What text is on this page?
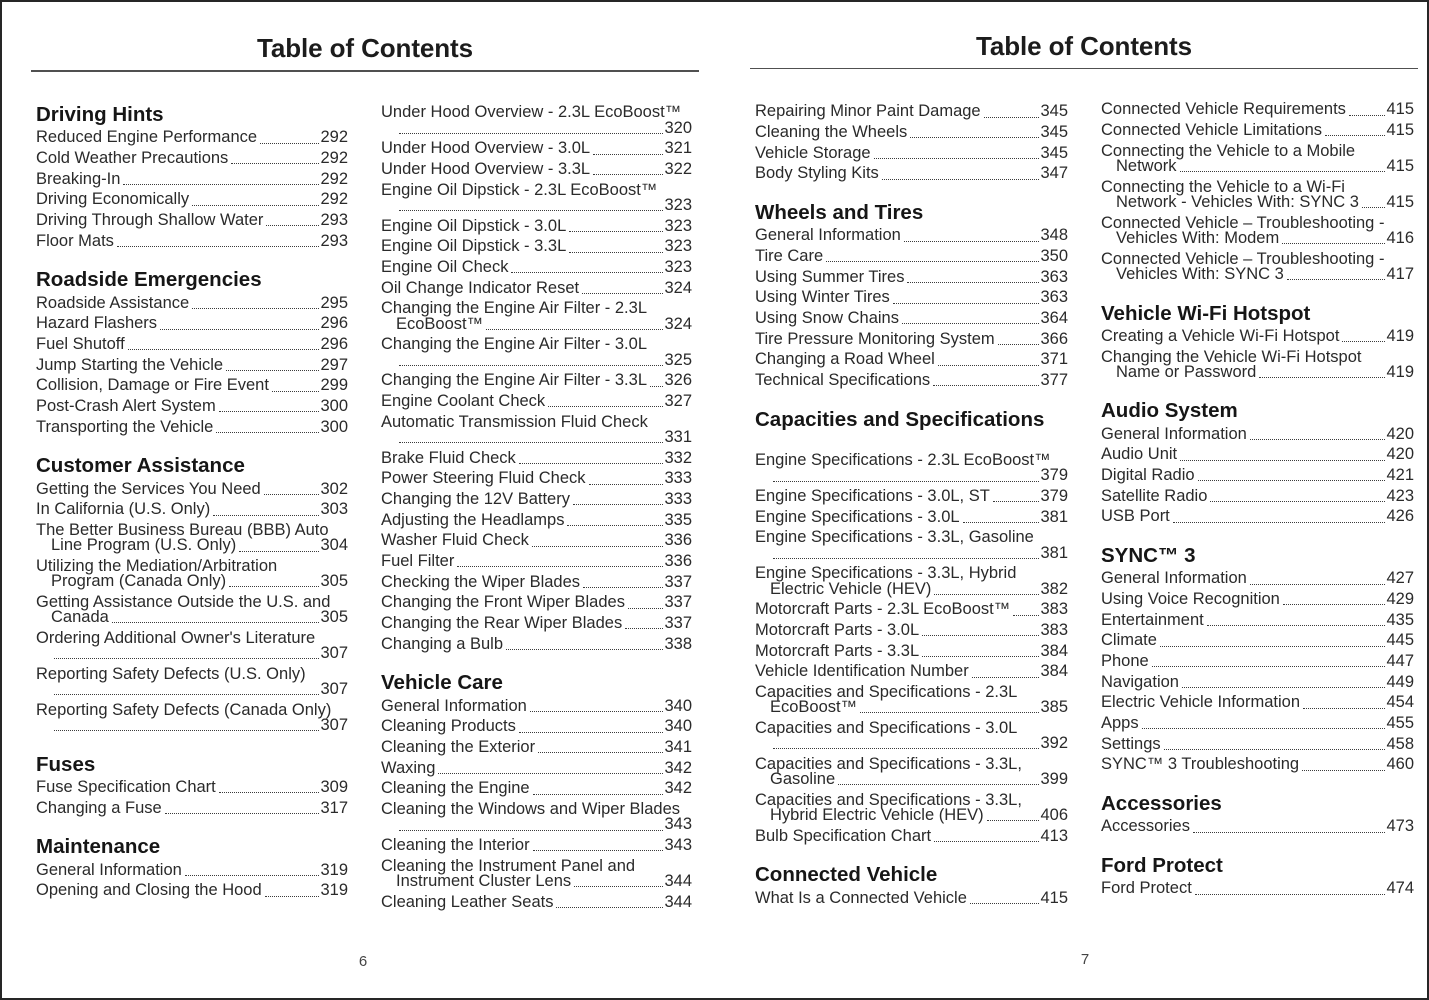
Table of Contents
Driving Hints
Reduced Engine Performance	292
Cold Weather Precautions	292
Breaking-In	292
Driving Economically	292
Driving Through Shallow Water	293
Floor Mats	293
Roadside Emergencies
Roadside Assistance	295
Hazard Flashers	296
Fuel Shutoff	296
Jump Starting the Vehicle	297
Collision, Damage or Fire Event	299
Post-Crash Alert System	300
Transporting the Vehicle	300
Customer Assistance
Getting the Services You Need	302
In California (U.S. Only)	303
The Better Business Bureau (BBB) Auto
Line Program (U.S. Only)	304
Utilizing the Mediation/Arbitration
Program (Canada Only)	305
Getting Assistance Outside the U.S. and
Canada	305
Ordering Additional Owner's Literature
307
Reporting Safety Defects (U.S. Only)
307
Reporting Safety Defects (Canada Only)
307
Fuses
Fuse Specification Chart	309
Changing a Fuse	317
Maintenance
General Information	319
Opening and Closing the Hood	319
Under Hood Overview - 2.3L EcoBoost™
320
Under Hood Overview - 3.0L	321
Under Hood Overview - 3.3L	322
Engine Oil Dipstick - 2.3L EcoBoost™
323
Engine Oil Dipstick - 3.0L	323
Engine Oil Dipstick - 3.3L	323
Engine Oil Check	323
Oil Change Indicator Reset	324
Changing the Engine Air Filter - 2.3L
EcoBoost™	324
Changing the Engine Air Filter - 3.0L
325
Changing the Engine Air Filter - 3.3L 326
Engine Coolant Check	327
Automatic Transmission Fluid Check
331
Brake Fluid Check	332
Power Steering Fluid Check	333
Changing the 12V Battery	333
Adjusting the Headlamps	335
Washer Fluid Check	336
Fuel Filter	336
Checking the Wiper Blades	337
Changing the Front Wiper Blades 337
Changing the Rear Wiper Blades	337
Changing a Bulb	338
Vehicle Care
General Information	340
Cleaning Products	340
Cleaning the Exterior	341
Waxing	342
Cleaning the Engine	342
Cleaning the Windows and Wiper Blades
343
Cleaning the Interior	343
Cleaning the Instrument Panel and
Instrument Cluster Lens	344
Cleaning Leather Seats	344
6
Table of Contents
Repairing Minor Paint Damage	345
Cleaning the Wheels	345
Vehicle Storage	345
Body Styling Kits	347
Wheels and Tires
General Information	348
Tire Care	350
Using Summer Tires	363
Using Winter Tires	363
Using Snow Chains	364
Tire Pressure Monitoring System	366
Changing a Road Wheel	371
Technical Specifications	377
Capacities and Specifications
Engine Specifications - 2.3L EcoBoost™
379
Engine Specifications - 3.0L, ST	379
Engine Specifications - 3.0L	381
Engine Specifications - 3.3L, Gasoline
381
Engine Specifications - 3.3L, Hybrid
Electric Vehicle (HEV)	382
Motorcraft Parts - 2.3L EcoBoost™ 383
Motorcraft Parts - 3.0L	383
Motorcraft Parts - 3.3L	384
Vehicle Identification Number	384
Capacities and Specifications - 2.3L
EcoBoost™	385
Capacities and Specifications - 3.0L
392
Capacities and Specifications - 3.3L,
Gasoline	399
Capacities and Specifications - 3.3L,
Hybrid Electric Vehicle (HEV)	406
Bulb Specification Chart	413
Connected Vehicle
What Is a Connected Vehicle	415
Connected Vehicle Requirements 415
Connected Vehicle Limitations	415
Connecting the Vehicle to a Mobile
Network	415
Connecting the Vehicle to a Wi-Fi
Network - Vehicles With: SYNC 3 415
Connected Vehicle – Troubleshooting -
Vehicles With: Modem	416
Connected Vehicle – Troubleshooting -
Vehicles With: SYNC 3	417
Vehicle Wi-Fi Hotspot
Creating a Vehicle Wi-Fi Hotspot	419
Changing the Vehicle Wi-Fi Hotspot
Name or Password	419
Audio System
General Information	420
Audio Unit	420
Digital Radio	421
Satellite Radio	423
USB Port	426
SYNC™ 3
General Information	427
Using Voice Recognition	429
Entertainment	435
Climate	445
Phone	447
Navigation	449
Electric Vehicle Information	454
Apps	455
Settings	458
SYNC™ 3 Troubleshooting	460
Accessories
Accessories	473
Ford Protect
Ford Protect	474
7
